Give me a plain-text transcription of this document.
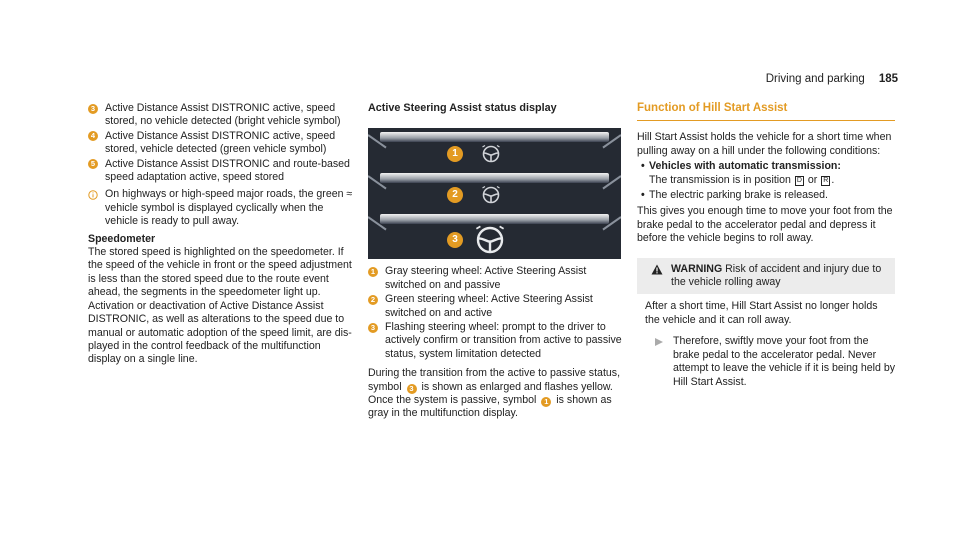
Driving and parking 185
3 Active Distance Assist DISTRONIC active, speed stored, no vehicle detected (bright vehicle symbol)
4 Active Distance Assist DISTRONIC active, speed stored, vehicle detected (green vehicle symbol)
5 Active Distance Assist DISTRONIC and route-based speed adaptation active, speed stored
On highways or high-speed major roads, the green ≈ vehicle symbol is displayed cyclically when the vehicle is ready to pull away.
Speedometer
The stored speed is highlighted on the speedometer. If the speed of the vehicle in front or the speed adjustment is less than the stored speed due to the route event ahead, the segments in the speedometer light up. Activation or deactivation of Active Distance Assist DISTRONIC, as well as alterations to the speed due to manual or automatic adoption of the speed limit, are displayed in the control feedback of the multifunction display on a single line.
Active Steering Assist status display
1
2
3
1 Gray steering wheel: Active Steering Assist switched on and passive
2 Green steering wheel: Active Steering Assist switched on and active
3 Flashing steering wheel: prompt to the driver to actively confirm or transition from active to passive status, system limitation detected
During the transition from the active to passive status, symbol 3 is shown as enlarged and flashes yellow. Once the system is passive, symbol 1 is shown as gray in the multifunction display.
Function of Hill Start Assist
Hill Start Assist holds the vehicle for a short time when pulling away on a hill under the following conditions:
• Vehicles with automatic transmission:
The transmission is in position D or R .
• The electric parking brake is released.
This gives you enough time to move your foot from the brake pedal to the accelerator pedal and depress it before the vehicle begins to roll away.
WARNING Risk of accident and injury due to the vehicle rolling away
After a short time, Hill Start Assist no longer holds the vehicle and it can roll away.
Therefore, swiftly move your foot from the brake pedal to the accelerator pedal. Never attempt to leave the vehicle if it is being held by Hill Start Assist.
